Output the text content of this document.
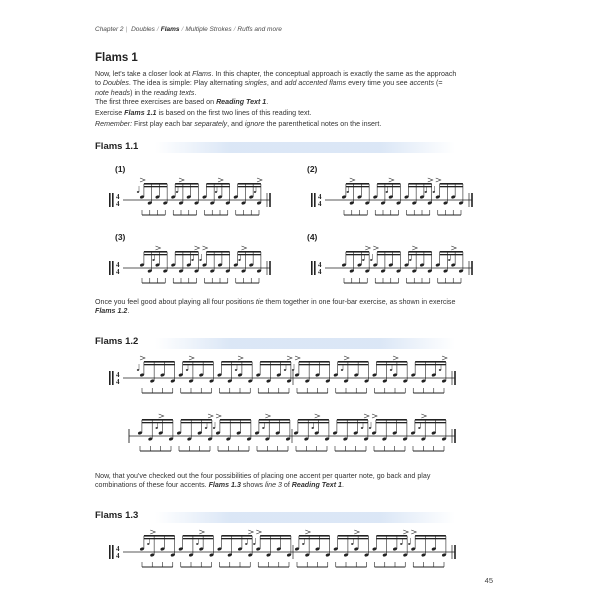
Chapter 2 | Doubles / Flams / Multiple Strokes / Ruffs and more
Flams 1
Now, let's take a closer look at Flams. In this chapter, the conceptual approach is exactly the same as the approach to Doubles. The idea is simple: Play alternating singles, and add accented flams every time you see accents (= note heads) in the reading texts.
The first three exercises are based on Reading Text 1.
Exercise Flams 1.1 is based on the first two lines of this reading text.
Remember: First play each bar separately, and ignore the parenthetical notes on the insert.
Flams 1.1
(1)	(2)
(3)	(4)
4
4
4
4
4
4
4
4
Once you feel good about playing all four positions tie them together in one four-bar exercise, as shown in exercise Flams 1.2.
Flams 1.2
4
4
Now, that you've checked out the four possibilities of placing one accent per quarter note, go back and play combinations of these four accents. Flams 1.3 shows line 3 of Reading Text 1.
Flams 1.3
4
4
45
